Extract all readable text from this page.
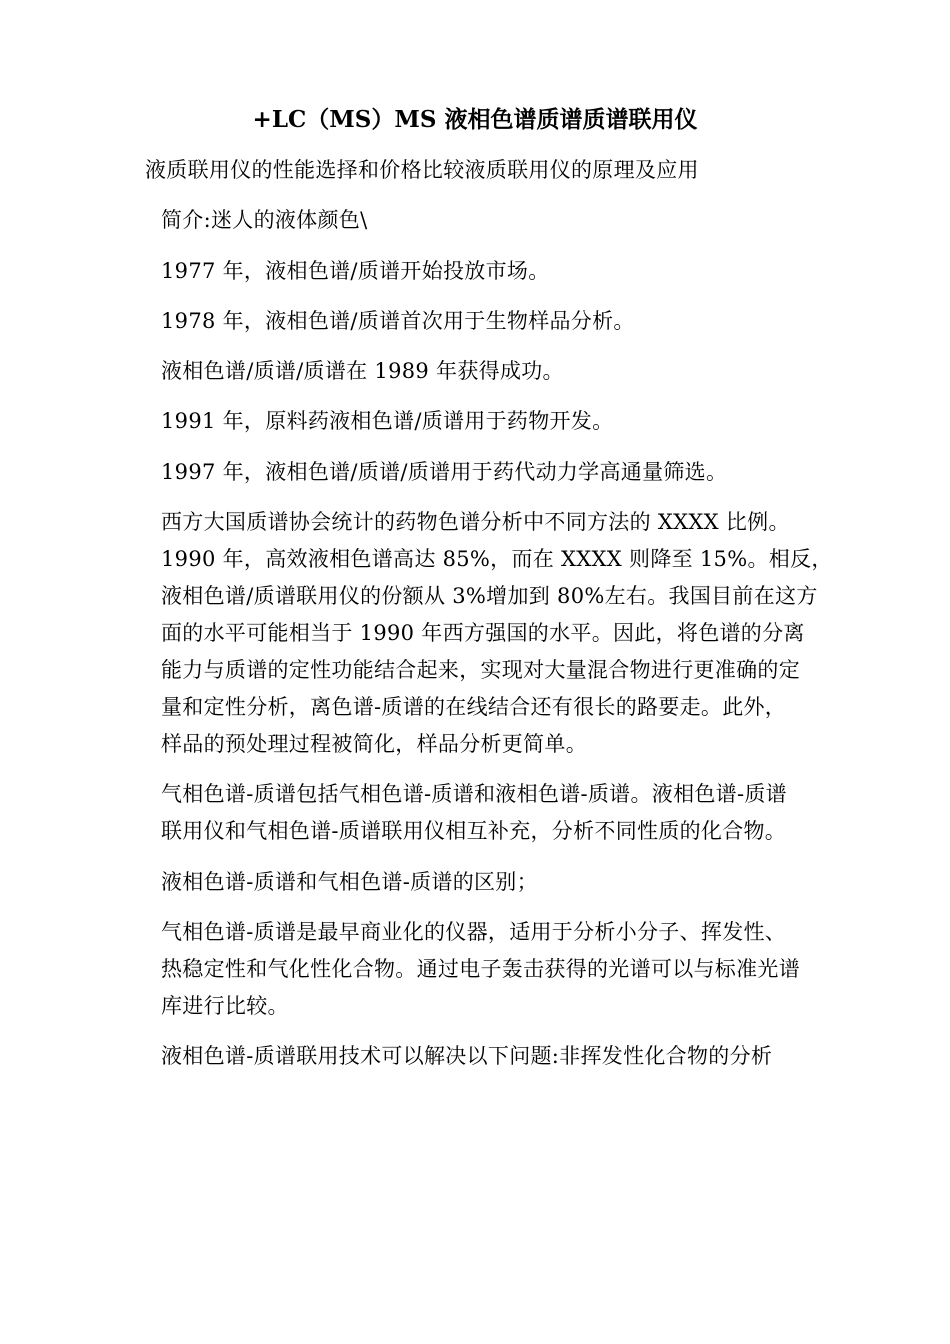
+LC（MS）MS 液相色谱质谱质谱联用仪

液质联用仪的性能选择和价格比较液质联用仪的原理及应用

简介:迷人的液体颜色\

1977 年，液相色谱/质谱开始投放市场。

1978 年，液相色谱/质谱首次用于生物样品分析。

液相色谱/质谱/质谱在 1989 年获得成功。

1991 年，原料药液相色谱/质谱用于药物开发。

1997 年，液相色谱/质谱/质谱用于药代动力学高通量筛选。

西方大国质谱协会统计的药物色谱分析中不同方法的 XXXX 比例。
1990 年，高效液相色谱高达 85%，而在 XXXX 则降至 15%。相反，
液相色谱/质谱联用仪的份额从 3%增加到 80%左右。我国目前在这方
面的水平可能相当于 1990 年西方强国的水平。因此，将色谱的分离
能力与质谱的定性功能结合起来，实现对大量混合物进行更准确的定
量和定性分析，离色谱-质谱的在线结合还有很长的路要走。此外，
样品的预处理过程被简化，样品分析更简单。

气相色谱-质谱包括气相色谱-质谱和液相色谱-质谱。液相色谱-质谱
联用仪和气相色谱-质谱联用仪相互补充，分析不同性质的化合物。

液相色谱-质谱和气相色谱-质谱的区别；

气相色谱-质谱是最早商业化的仪器，适用于分析小分子、挥发性、
热稳定性和气化性化合物。通过电子轰击获得的光谱可以与标准光谱
库进行比较。

液相色谱-质谱联用技术可以解决以下问题:非挥发性化合物的分析
